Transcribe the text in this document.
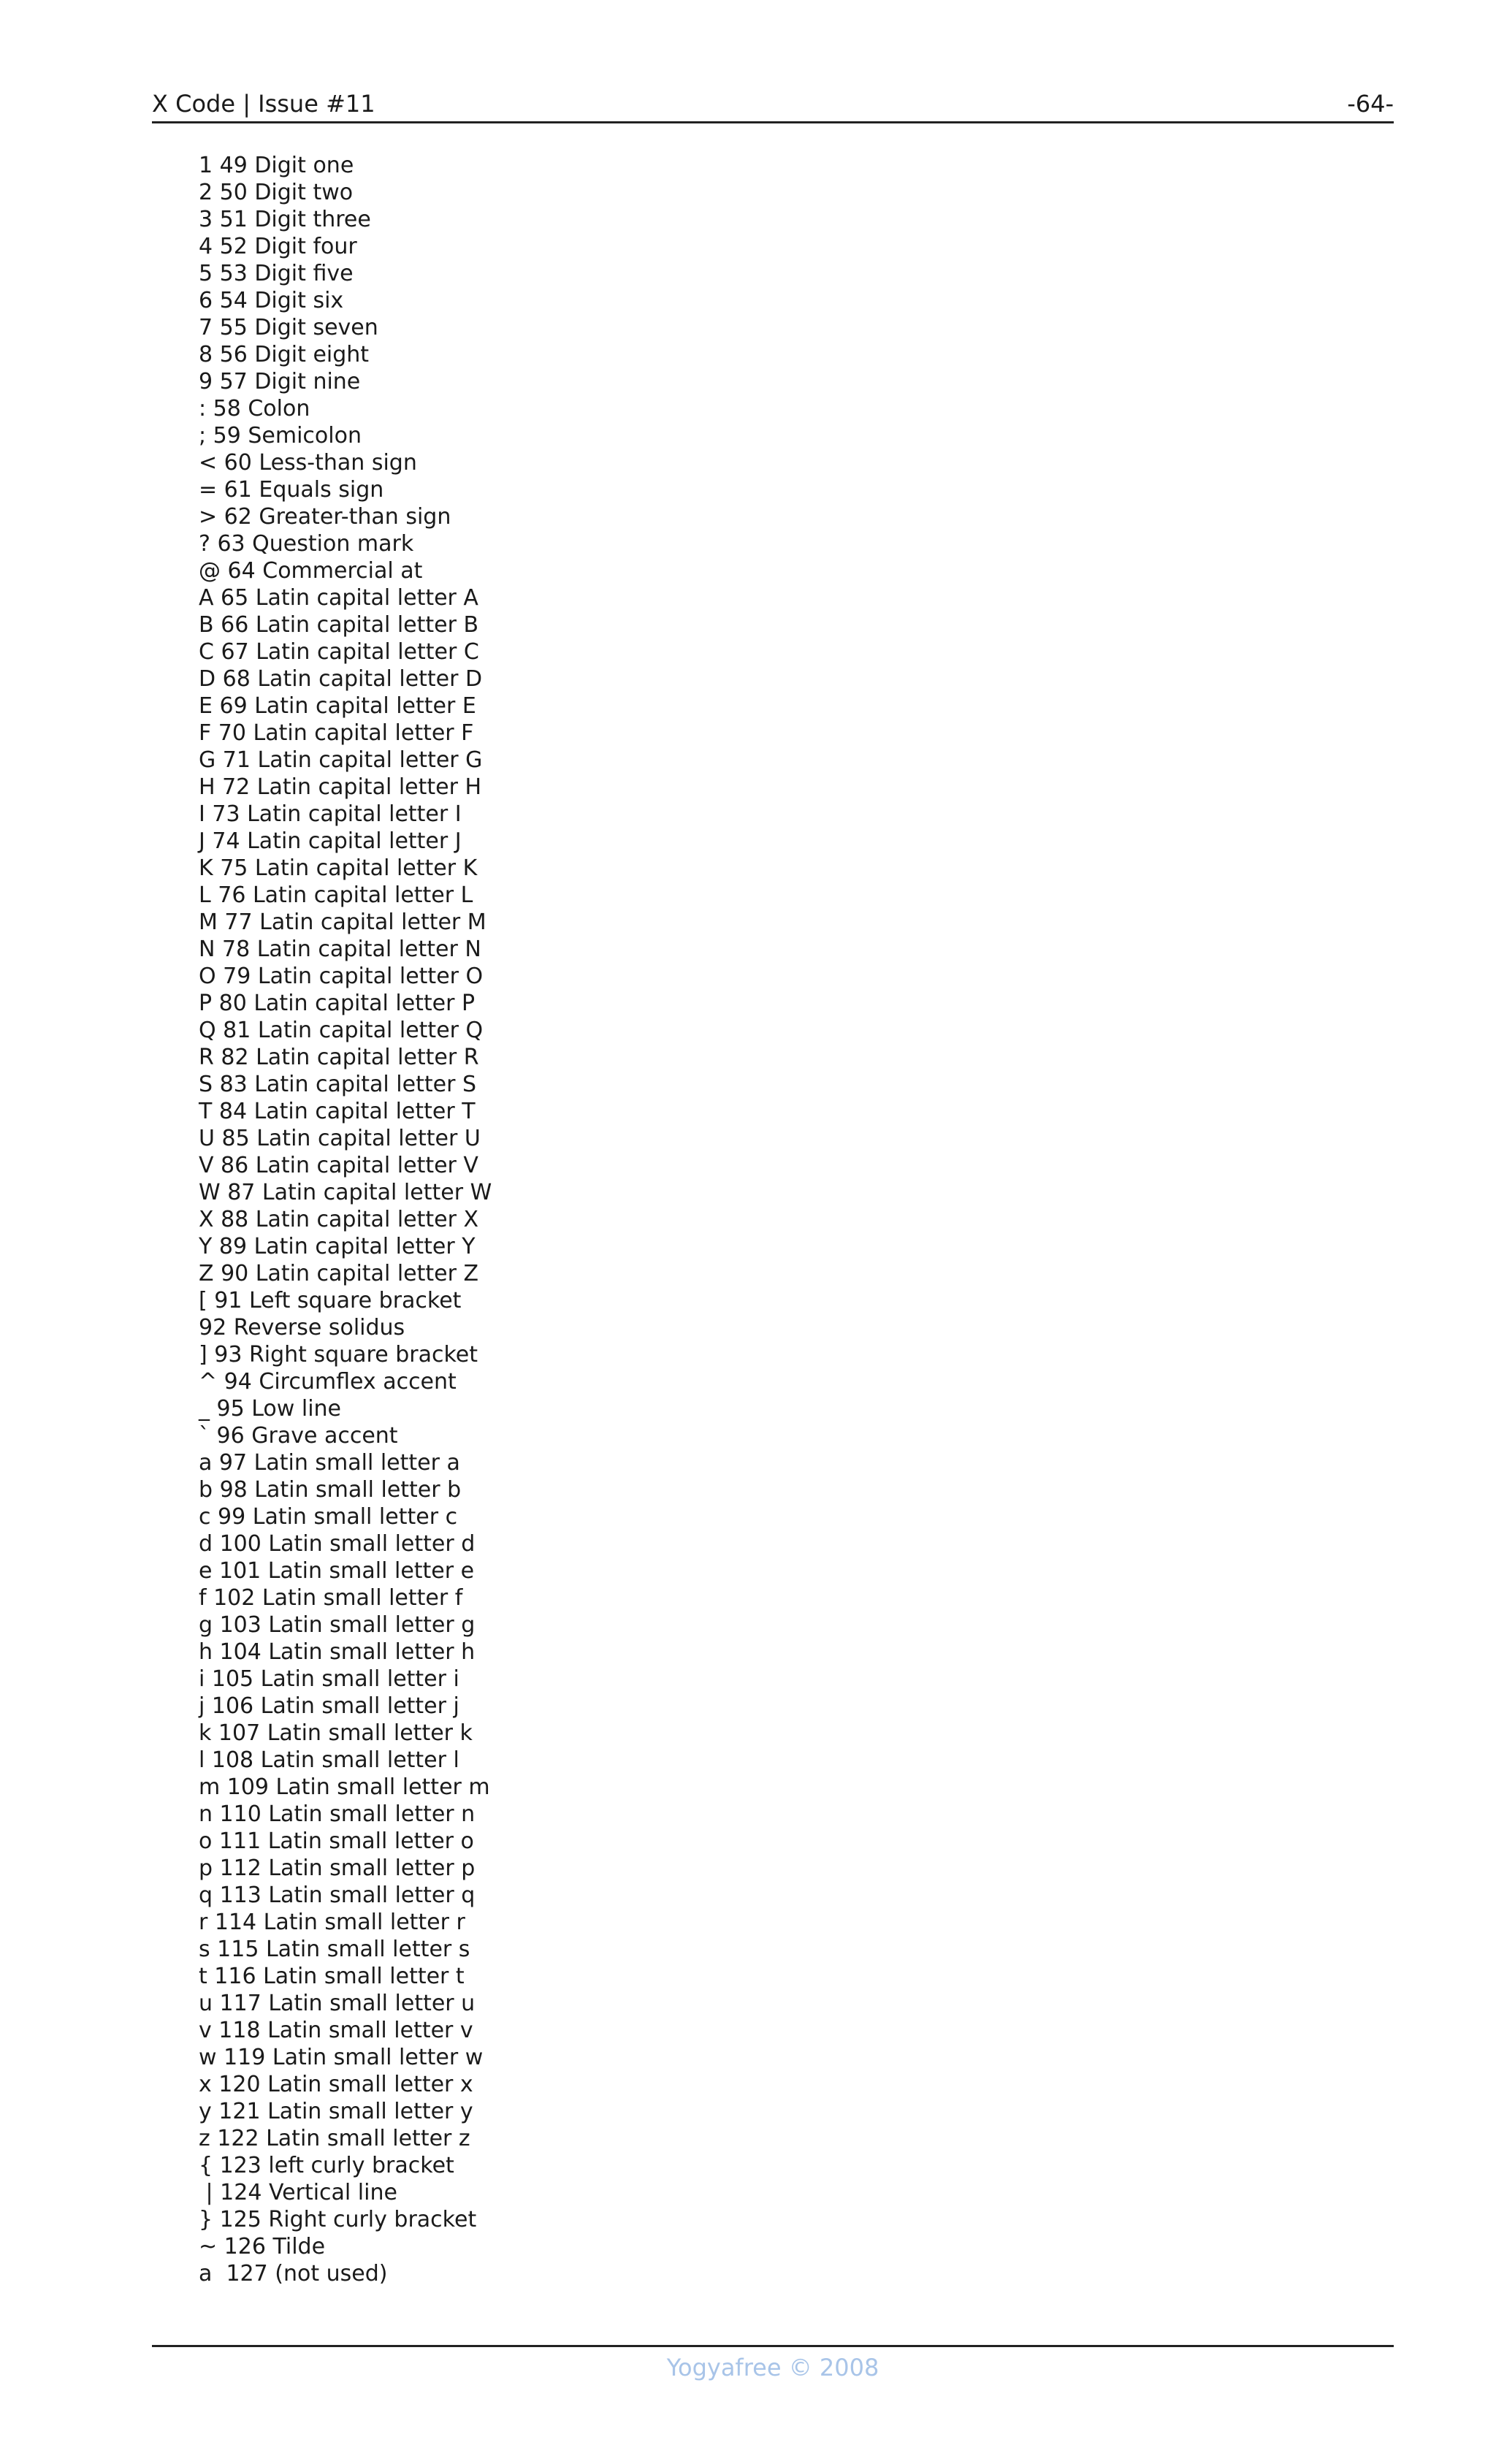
X Code | Issue #11	-64-
1 49 Digit one
2 50 Digit two
3 51 Digit three
4 52 Digit four
5 53 Digit five
6 54 Digit six
7 55 Digit seven
8 56 Digit eight
9 57 Digit nine
: 58 Colon
; 59 Semicolon
< 60 Less-than sign
= 61 Equals sign
> 62 Greater-than sign
? 63 Question mark
@ 64 Commercial at
A 65 Latin capital letter A
B 66 Latin capital letter B
C 67 Latin capital letter C
D 68 Latin capital letter D
E 69 Latin capital letter E
F 70 Latin capital letter F
G 71 Latin capital letter G
H 72 Latin capital letter H
I 73 Latin capital letter I
J 74 Latin capital letter J
K 75 Latin capital letter K
L 76 Latin capital letter L
M 77 Latin capital letter M
N 78 Latin capital letter N
O 79 Latin capital letter O
P 80 Latin capital letter P
Q 81 Latin capital letter Q
R 82 Latin capital letter R
S 83 Latin capital letter S
T 84 Latin capital letter T
U 85 Latin capital letter U
V 86 Latin capital letter V
W 87 Latin capital letter W
X 88 Latin capital letter X
Y 89 Latin capital letter Y
Z 90 Latin capital letter Z
[ 91 Left square bracket
92 Reverse solidus
] 93 Right square bracket
^ 94 Circumflex accent
_ 95 Low line
` 96 Grave accent
a 97 Latin small letter a
b 98 Latin small letter b
c 99 Latin small letter c
d 100 Latin small letter d
e 101 Latin small letter e
f 102 Latin small letter f
g 103 Latin small letter g
h 104 Latin small letter h
i 105 Latin small letter i
j 106 Latin small letter j
k 107 Latin small letter k
l 108 Latin small letter l
m 109 Latin small letter m
n 110 Latin small letter n
o 111 Latin small letter o
p 112 Latin small letter p
q 113 Latin small letter q
r 114 Latin small letter r
s 115 Latin small letter s
t 116 Latin small letter t
u 117 Latin small letter u
v 118 Latin small letter v
w 119 Latin small letter w
x 120 Latin small letter x
y 121 Latin small letter y
z 122 Latin small letter z
{ 123 left curly bracket
| 124 Vertical line
} 125 Right curly bracket
~ 126 Tilde
a  127 (not used)
Yogyafree © 2008
